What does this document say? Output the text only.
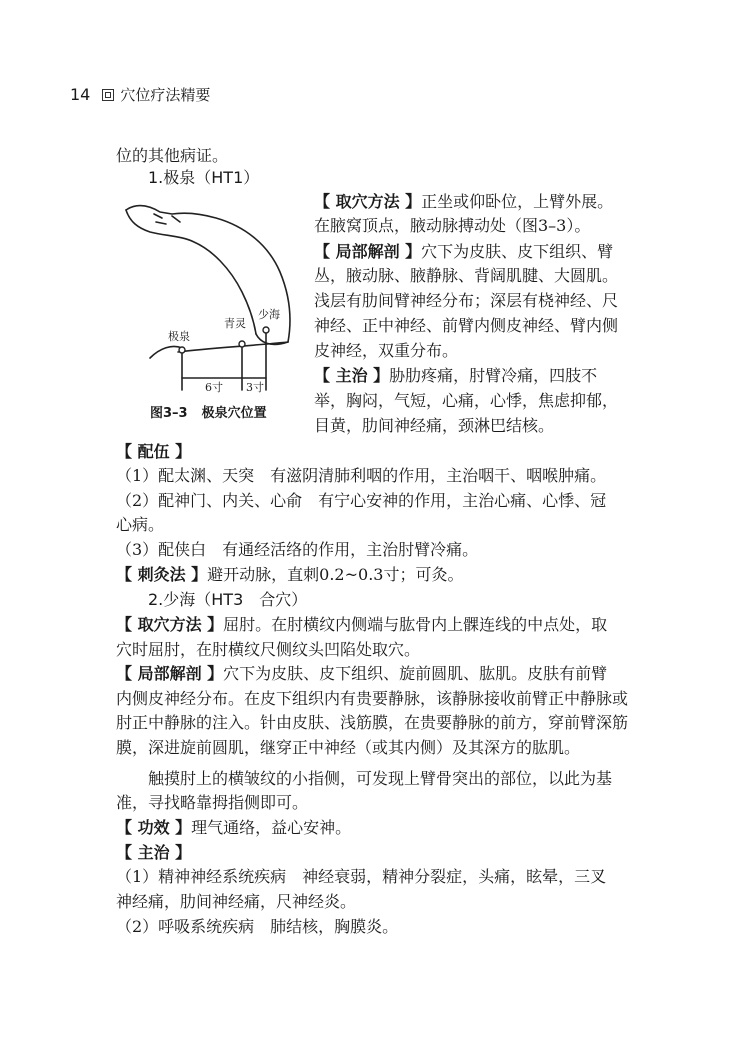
14 穴位疗法精要
位的其他病证。
1.极泉（HT1）
【 取穴方法 】正坐或仰卧位，上臂外展。
在腋窝顶点，腋动脉搏动处（图3–3）。
【 局部解剖 】穴下为皮肤、皮下组织、臂
丛，腋动脉、腋静脉、背阔肌腱、大圆肌。
浅层有肋间臂神经分布；深层有桡神经、尺
神经、正中神经、前臂内侧皮神经、臂内侧
皮神经，双重分布。
【 主治 】胁肋疼痛，肘臂冷痛，四肢不
举，胸闷，气短，心痛，心悸，焦虑抑郁，
目黄，肋间神经痛，颈淋巴结核。
极泉
青灵
少海
6寸 3寸
图3–3 极泉穴位置
【 配伍 】
（1）配太渊、天突　有滋阴清肺利咽的作用，主治咽干、咽喉肿痛。
（2）配神门、内关、心俞　有宁心安神的作用，主治心痛、心悸、冠
心病。
（3）配侠白　有通经活络的作用，主治肘臂冷痛。
【 刺灸法 】避开动脉，直刺0.2~0.3寸；可灸。
2.少海（HT3　合穴）
【 取穴方法 】屈肘。在肘横纹内侧端与肱骨内上髁连线的中点处，取
穴时屈肘，在肘横纹尺侧纹头凹陷处取穴。
【 局部解剖 】穴下为皮肤、皮下组织、旋前圆肌、肱肌。皮肤有前臂
内侧皮神经分布。在皮下组织内有贵要静脉，该静脉接收前臂正中静脉或
肘正中静脉的注入。针由皮肤、浅筋膜，在贵要静脉的前方，穿前臂深筋
膜，深进旋前圆肌，继穿正中神经（或其内侧）及其深方的肱肌。
触摸肘上的横皱纹的小指侧，可发现上臂骨突出的部位，以此为基
准，寻找略靠拇指侧即可。
【 功效 】理气通络，益心安神。
【 主治 】
（1）精神神经系统疾病　神经衰弱，精神分裂症，头痛，眩晕，三叉
神经痛，肋间神经痛，尺神经炎。
（2）呼吸系统疾病　肺结核，胸膜炎。
